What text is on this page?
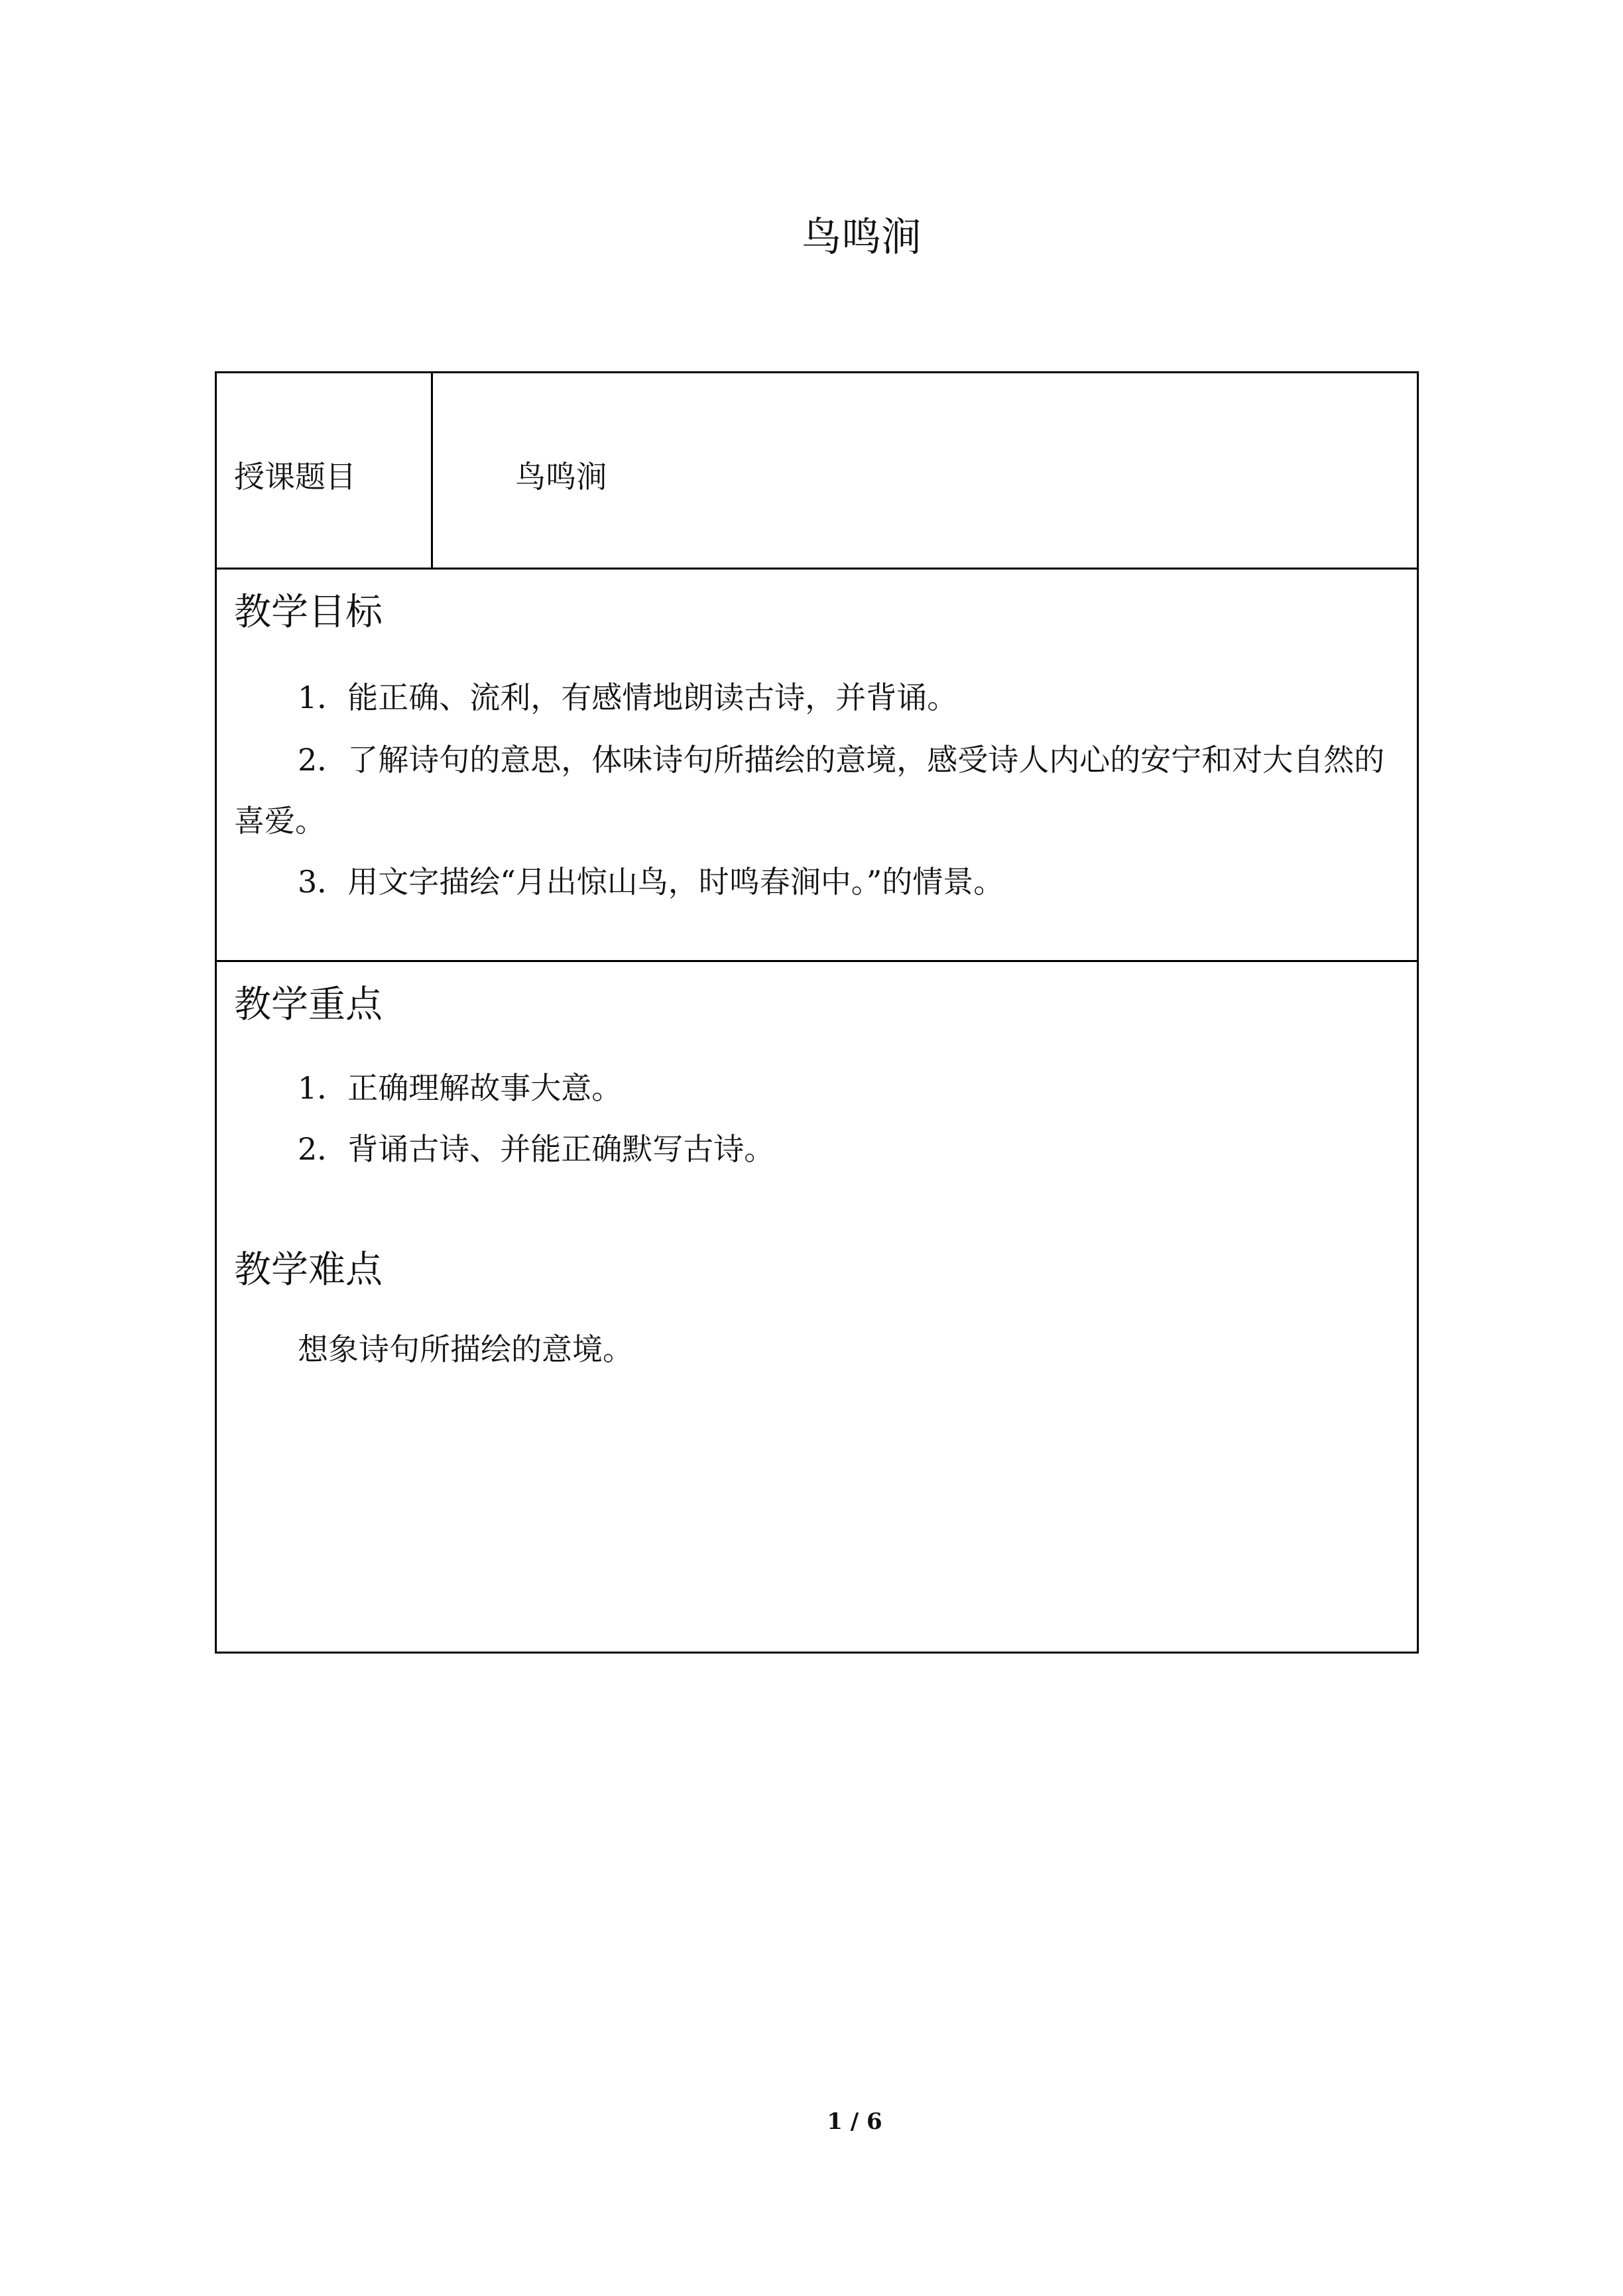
鸟鸣涧
授课题目	鸟鸣涧
教学目标
1．能正确、流利，有感情地朗读古诗，并背诵。
2．了解诗句的意思，体味诗句所描绘的意境，感受诗人内心的安宁和对大自然的喜爱。
3．用文字描绘“月出惊山鸟，时鸣春涧中。”的情景。
教学重点
1．正确理解故事大意。
2．背诵古诗、并能正确默写古诗。
教学难点
想象诗句所描绘的意境。
1 / 6
